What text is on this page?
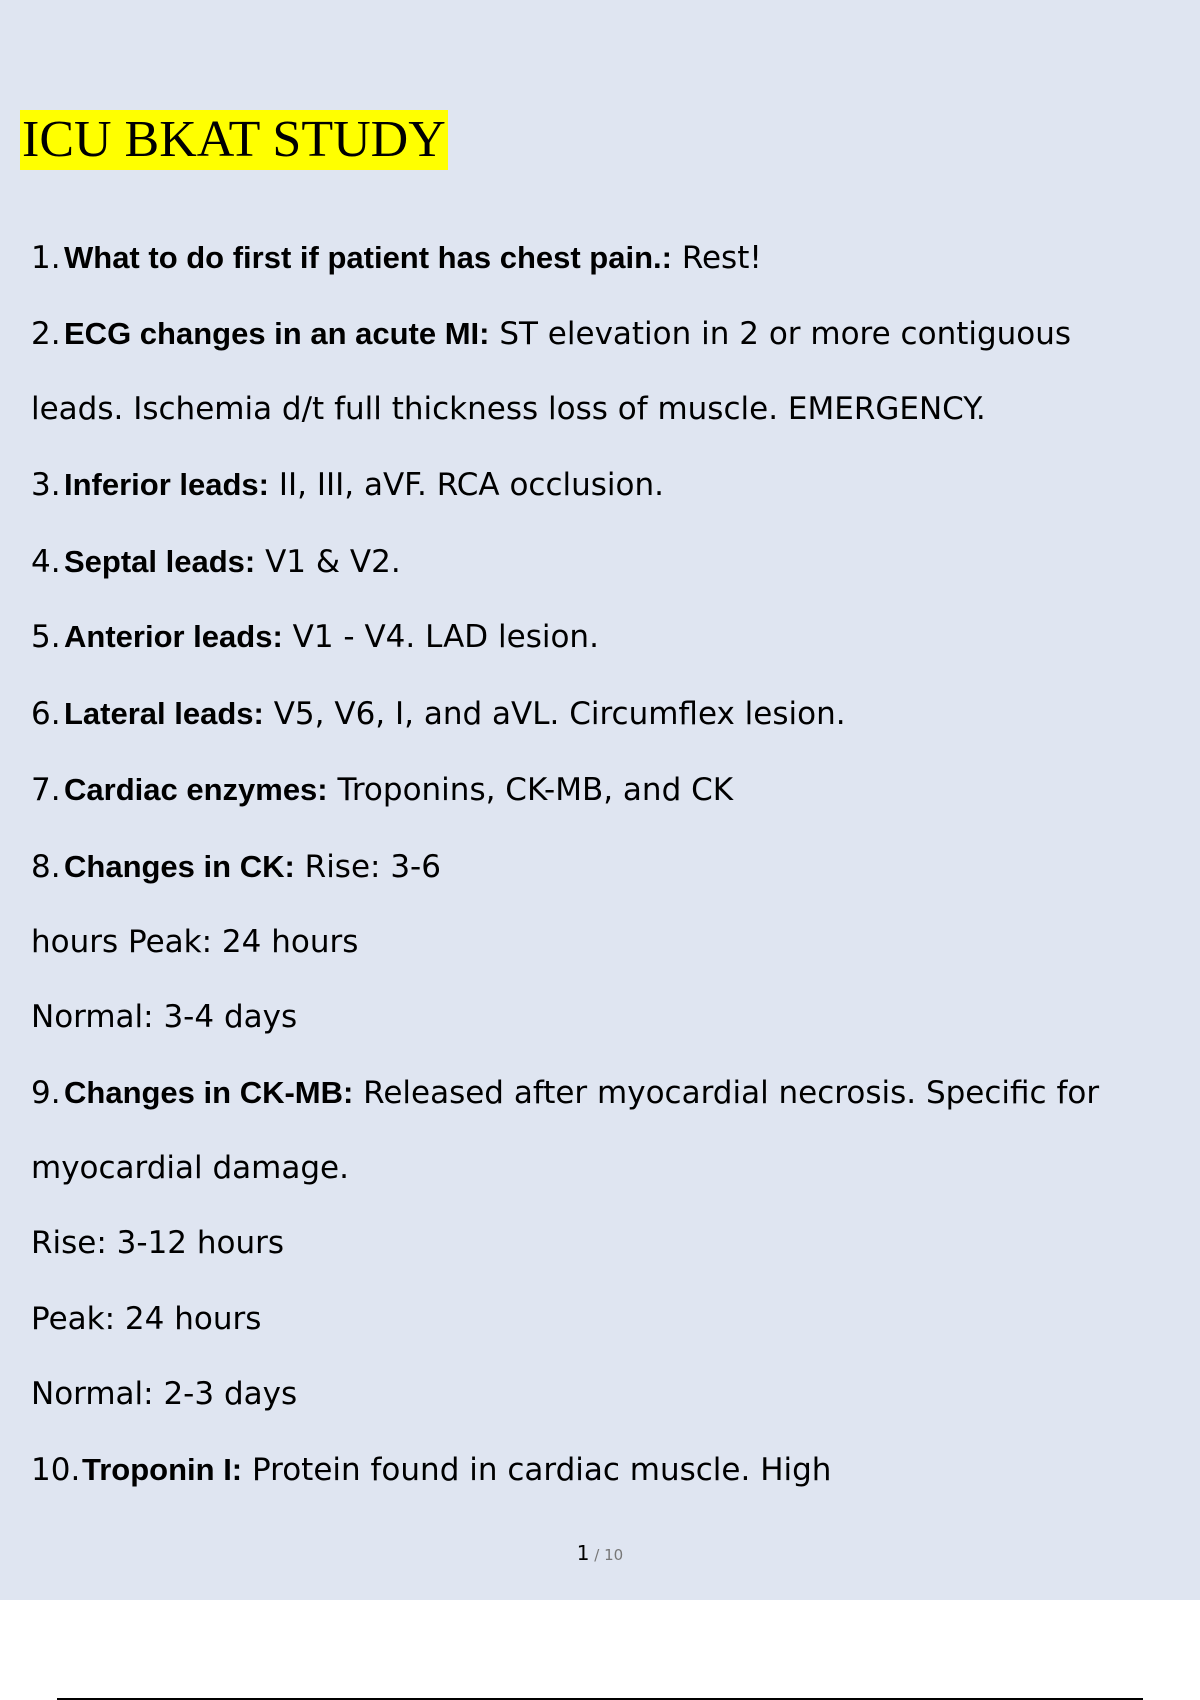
ICU BKAT STUDY
1. What to do first if patient has chest pain.: Rest!
2. ECG changes in an acute MI: ST elevation in 2 or more contiguous
leads. Ischemia d/t full thickness loss of muscle. EMERGENCY.
3. Inferior leads: II, III, aVF. RCA occlusion.
4. Septal leads: V1 & V2.
5. Anterior leads: V1 - V4. LAD lesion.
6. Lateral leads: V5, V6, I, and aVL. Circumflex lesion.
7. Cardiac enzymes: Troponins, CK-MB, and CK
8. Changes in CK: Rise: 3-6
hours Peak: 24 hours
Normal: 3-4 days
9. Changes in CK-MB: Released after myocardial necrosis. Specific for
myocardial damage.
Rise: 3-12 hours
Peak: 24 hours
Normal: 2-3 days
10.Troponin I: Protein found in cardiac muscle. High
1 / 10
